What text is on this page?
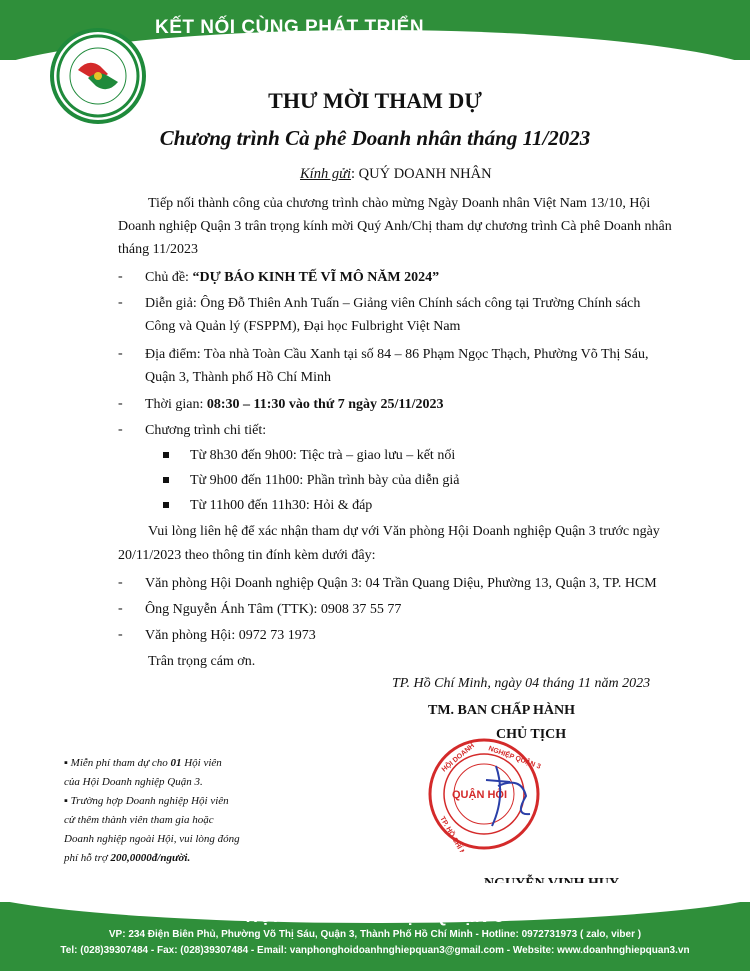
KẾT NỐI CÙNG PHÁT TRIỂN
THƯ MỜI THAM DỰ
Chương trình Cà phê Doanh nhân tháng 11/2023
Kính gửi: QUÝ DOANH NHÂN
Tiếp nối thành công của chương trình chào mừng Ngày Doanh nhân Việt Nam 13/10, Hội
Doanh nghiệp Quận 3 trân trọng kính mời Quý Anh/Chị tham dự chương trình Cà phê Doanh nhân
tháng 11/2023
- Chủ đề: “DỰ BÁO KINH TẾ VĨ MÔ NĂM 2024”
- Diễn giả: Ông Đỗ Thiên Anh Tuấn – Giảng viên Chính sách công tại Trường Chính sách
Công và Quản lý (FSPPM), Đại học Fulbright Việt Nam
- Địa điểm: Tòa nhà Toàn Cầu Xanh tại số 84 – 86 Phạm Ngọc Thạch, Phường Võ Thị Sáu,
Quận 3, Thành phố Hồ Chí Minh
- Thời gian: 08:30 – 11:30 vào thứ 7 ngày 25/11/2023
- Chương trình chi tiết:
Từ 8h30 đến 9h00: Tiệc trà – giao lưu – kết nối
Từ 9h00 đến 11h00: Phần trình bày của diễn giả
Từ 11h00 đến 11h30: Hỏi & đáp
Vui lòng liên hệ để xác nhận tham dự với Văn phòng Hội Doanh nghiệp Quận 3 trước ngày
20/11/2023 theo thông tin đính kèm dưới đây:
- Văn phòng Hội Doanh nghiệp Quận 3: 04 Trần Quang Diệu, Phường 13, Quận 3, TP. HCM
- Ông Nguyễn Ánh Tâm (TTK): 0908 37 55 77
- Văn phòng Hội: 0972 73 1973
Trân trọng cám ơn.
TP. Hồ Chí Minh, ngày 04 tháng 11 năm 2023
TM. BAN CHẤP HÀNH
CHỦ TỊCH
HỘI DOANH NGHIỆP QUẬN 3
TP. HỒ CHÍ MINH
QUẬN HỘI
▪ Miễn phí tham dự cho 01 Hội viên
của Hội Doanh nghiệp Quận 3.
▪ Trường hợp Doanh nghiệp Hội viên
cử thêm thành viên tham gia hoặc
Doanh nghiệp ngoài Hội, vui lòng đóng
phí hỗ trợ 200,0000đ/người.
HỘI DOANH NGHIỆP QUẬN 3
VP: 234 Điện Biên Phủ, Phường Võ Thị Sáu, Quận 3, Thành Phố Hồ Chí Minh - Hotline: 0972731973 ( zalo, viber )
Tel: (028)39307484 - Fax: (028)39307484 - Email: vanphonghoidoanhnghiepquan3@gmail.com - Website: www.doanhnghiepquan3.vn
